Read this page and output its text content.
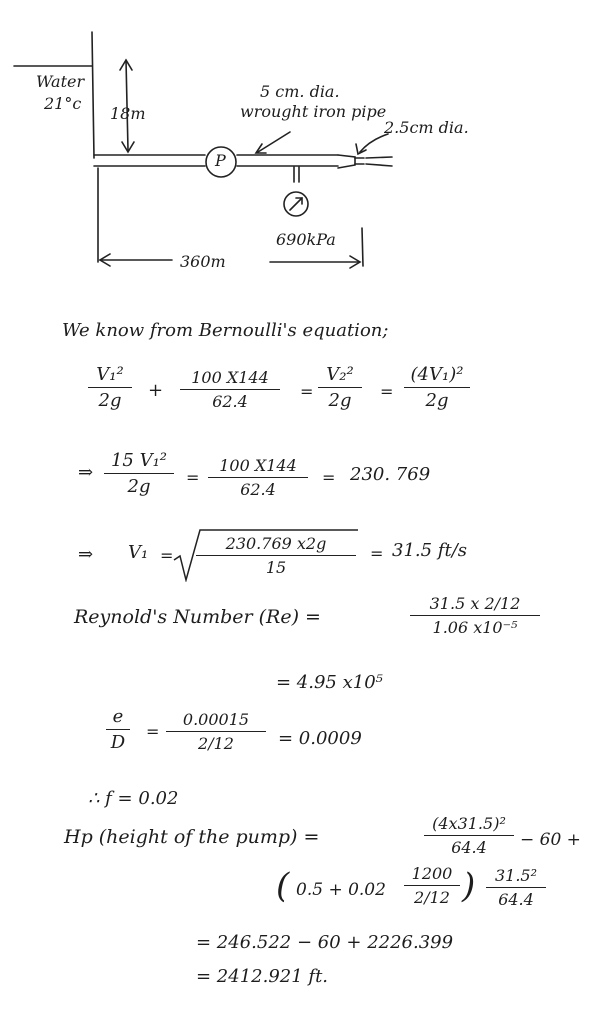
Water
21°c
18m
5 cm. dia.
wrought iron pipe
2.5cm dia.
P
690kPa
360m
We know from Bernoulli's equation;
V₁²
2g	+
100 X144
62.4
=
V₂²
2g	=
(4V₁)²
2g
⇒
15 V₁²
2g	=
100 X144
62.4
= 230. 769
⇒ V₁ =
230.769 x2g
15
= 31.5 ft/s
Reynold's Number (Re) =
31.5 x 2/12
1.06 x10⁻⁵
= 4.95 x10⁵
e
D
=
0.00015
2/12	= 0.0009
∴ f = 0.02
Hp (height of the pump) =
(4x31.5)²
64.4	− 60 +
( 0.5 + 0.02
1200
2/12 )	31.5²
64.4
= 246.522 − 60 + 2226.399
= 2412.921 ft.
